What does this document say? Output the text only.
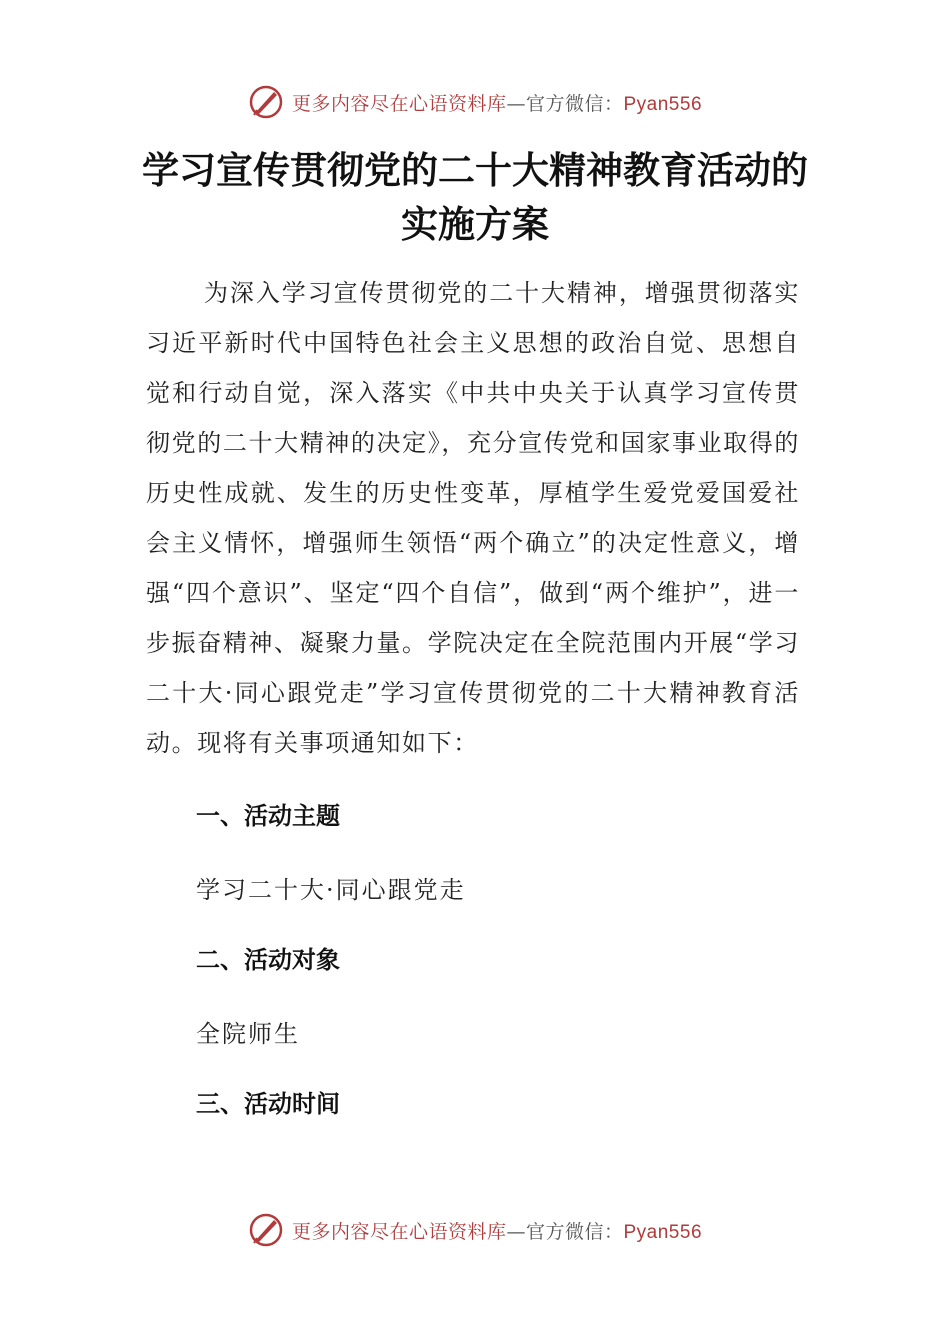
更多内容尽在心语资料库—官方微信：Pyan556
学习宣传贯彻党的二十大精神教育活动的
实施方案

为深入学习宣传贯彻党的二十大精神，增强贯彻落实习近平新时代中国特色社会主义思想的政治自觉、思想自觉和行动自觉，深入落实《中共中央关于认真学习宣传贯彻党的二十大精神的决定》，充分宣传党和国家事业取得的历史性成就、发生的历史性变革，厚植学生爱党爱国爱社会主义情怀，增强师生领悟“两个确立”的决定性意义，增强“四个意识”、坚定“四个自信”，做到“两个维护”，进一步振奋精神、凝聚力量。学院决定在全院范围内开展“学习二十大·同心跟党走”学习宣传贯彻党的二十大精神教育活动。现将有关事项通知如下：

一、活动主题

学习二十大·同心跟党走

二、活动对象

全院师生

三、活动时间
更多内容尽在心语资料库—官方微信：Pyan556
